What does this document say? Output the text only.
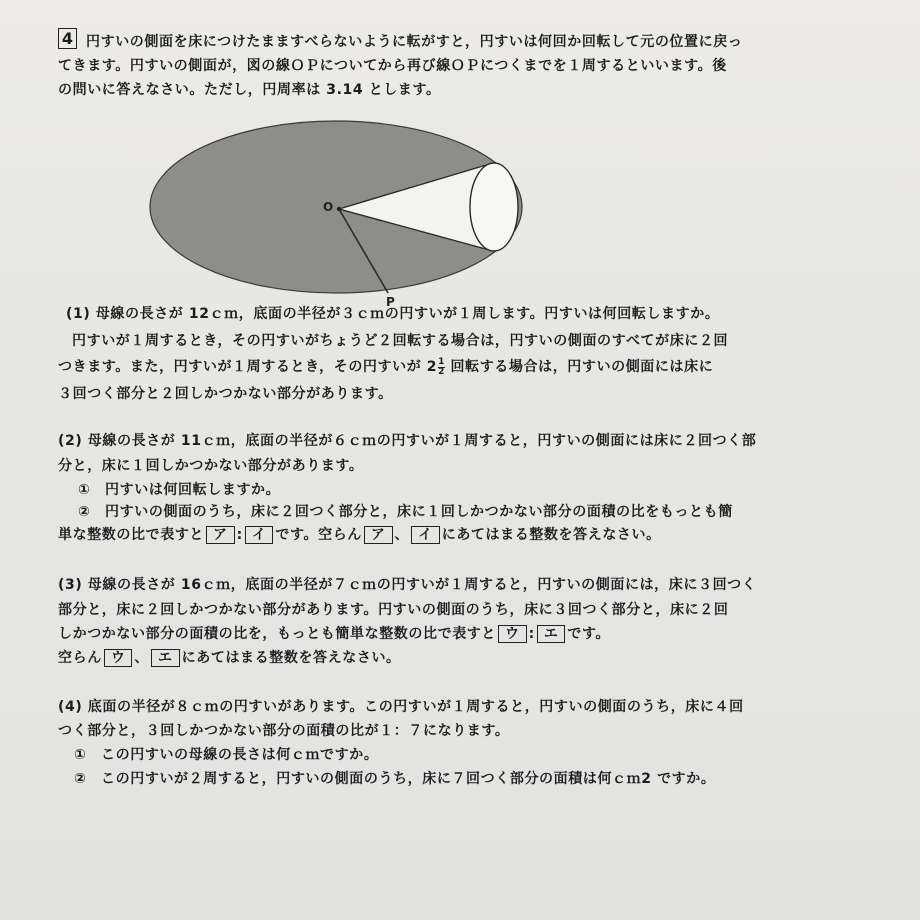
4 円すいの側面を床につけたまますべらないように転がすと，円すいは何回か回転して元の位置に戻っ
てきます。円すいの側面が，図の線ＯＰについてから再び線ＯＰにつくまでを１周するといいます。後
の問いに答えなさい。ただし，円周率は 3.14 とします。
O
P
(1) 母線の長さが 12ｃｍ，底面の半径が３ｃｍの円すいが１周します。円すいは何回転しますか。
円すいが１周するとき，その円すいがちょうど２回転する場合は，円すいの側面のすべてが床に２回
つきます。また，円すいが１周するとき，その円すいが $2 \frac{1}{2}$ 回転する場合は，円すいの側面には床に
３回つく部分と２回しかつかない部分があります。
(2) 母線の長さが 11ｃｍ，底面の半径が６ｃｍの円すいが１周すると，円すいの側面には床に２回つく部
分と，床に１回しかつかない部分があります。
①　円すいは何回転しますか。
②　円すいの側面のうち，床に２回つく部分と，床に１回しかつかない部分の面積の比をもっとも簡
単な整数の比で表すと ア : イ です。空らん ア 、 イ にあてはまる整数を答えなさい。
(3) 母線の長さが 16ｃｍ，底面の半径が７ｃｍの円すいが１周すると，円すいの側面には，床に３回つく
部分と，床に２回しかつかない部分があります。円すいの側面のうち，床に３回つく部分と，床に２回
しかつかない部分の面積の比を，もっとも簡単な整数の比で表すと ウ : エ です。
空らん ウ 、 エ にあてはまる整数を答えなさい。
(4) 底面の半径が８ｃｍの円すいがあります。この円すいが１周すると，円すいの側面のうち，床に４回
つく部分と，３回しかつかない部分の面積の比が１：７になります。
①　この円すいの母線の長さは何ｃｍですか。
②　この円すいが２周すると，円すいの側面のうち，床に７回つく部分の面積は何ｃｍ2 ですか。
